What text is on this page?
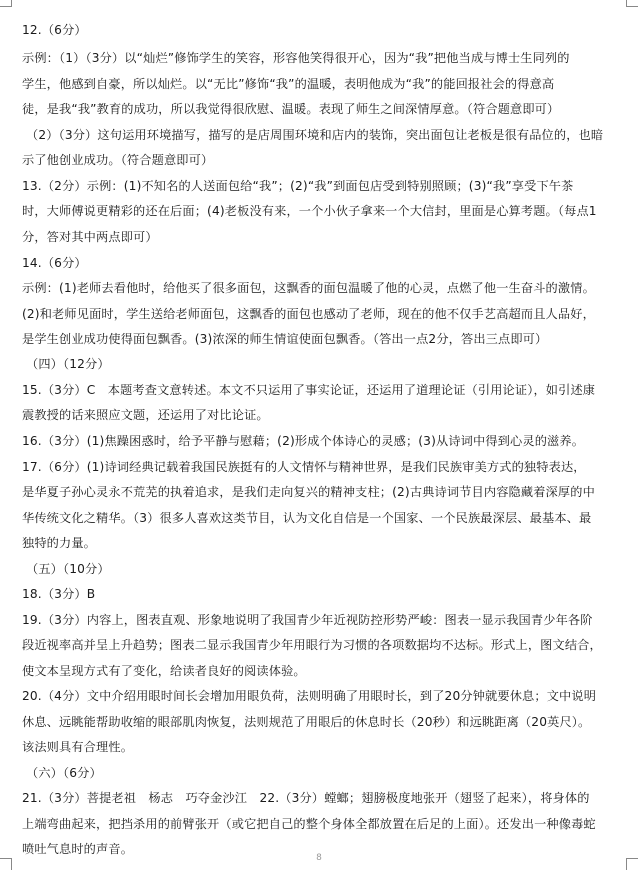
12.（6分）
示例：（1）（3分）以“灿烂”修饰学生的笑容，形容他笑得很开心，因为“我”把他当成与博士生同列的
学生，他感到自豪，所以灿烂。以“无比”修饰“我”的温暖，表明他成为“我”的能回报社会的得意高
徒，是我“我”教育的成功，所以我觉得很欣慰、温暖。表现了师生之间深情厚意。（符合题意即可）
（2）（3分）这句运用环境描写，描写的是店周围环境和店内的装饰，突出面包让老板是很有品位的，也暗
示了他创业成功。（符合题意即可）
13.（2分）示例：(1)不知名的人送面包给“我”；(2)“我”到面包店受到特别照顾；(3)“我”享受下午茶
时，大师傅说更精彩的还在后面；(4)老板没有来，一个小伙子拿来一个大信封，里面是心算考题。（每点1
分，答对其中两点即可）
14.（6分）
示例：(1)老师去看他时，给他买了很多面包，这飘香的面包温暖了他的心灵，点燃了他一生奋斗的激情。
(2)和老师见面时，学生送给老师面包，这飘香的面包也感动了老师，现在的他不仅手艺高超而且人品好，
是学生创业成功使得面包飘香。(3)浓深的师生情谊使面包飘香。（答出一点2分，答出三点即可）
（四）（12分）
15.（3分）C　本题考查文意转述。本文不只运用了事实论证，还运用了道理论证（引用论证），如引述康
震教授的话来照应文题，还运用了对比论证。
16.（3分）(1)焦躁困惑时，给予平静与慰藉；(2)形成个体诗心的灵感；(3)从诗词中得到心灵的滋养。
17.（6分）(1)诗词经典记载着我国民族挺有的人文情怀与精神世界，是我们民族审美方式的独特表达，
是华夏子孙心灵永不荒芜的执着追求，是我们走向复兴的精神支柱；(2)古典诗词节目内容隐藏着深厚的中
华传统文化之精华。（3）很多人喜欢这类节目，认为文化自信是一个国家、一个民族最深层、最基本、最
独特的力量。
（五）（10分）
18.（3分）B
19.（3分）内容上，图表直观、形象地说明了我国青少年近视防控形势严峻：图表一显示我国青少年各阶
段近视率高并呈上升趋势；图表二显示我国青少年用眼行为习惯的各项数据均不达标。形式上，图文结合，
使文本呈现方式有了变化，给读者良好的阅读体验。
20.（4分）文中介绍用眼时间长会增加用眼负荷，法则明确了用眼时长，到了20分钟就要休息；文中说明
休息、远眺能帮助收缩的眼部肌肉恢复，法则规范了用眼后的休息时长（20秒）和远眺距离（20英尺）。
该法则具有合理性。
（六）（6分）
21.（3分）菩提老祖　杨志　巧夺金沙江　22.（3分）螳螂；翅膀极度地张开（翅竖了起来），将身体的
上端弯曲起来，把挡杀用的前臂张开（或它把自己的整个身体全都放置在后足的上面）。还发出一种像毒蛇
喷吐气息时的声音。
8
